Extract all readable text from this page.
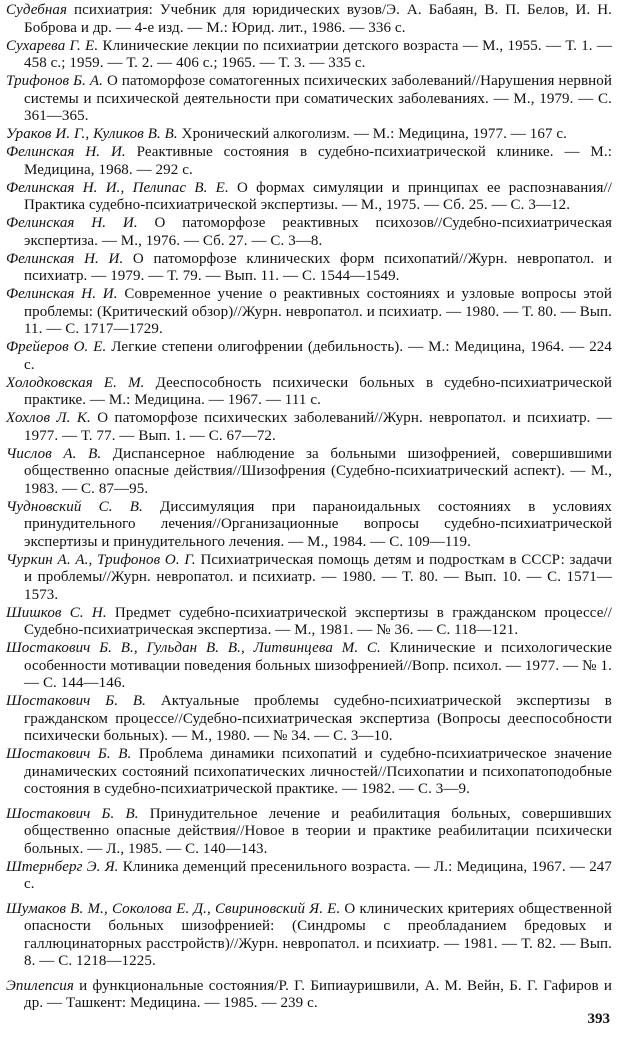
Судебная психиатрия: Учебник для юридических вузов/Э. А. Бабаян, В. П. Белов, И. Н. Боброва и др. — 4-е изд. — М.: Юрид. лит., 1986. — 336 с.
Сухарева Г. Е. Клинические лекции по психиатрии детского возраста — М., 1955. — Т. 1. — 458 с.; 1959. — Т. 2. — 406 с.; 1965. — Т. 3. — 335 с.
Трифонов Б. А. О патоморфозе соматогенных психических заболеваний//Нарушения нервной системы и психической деятельности при соматических заболеваниях. — М., 1979. — С. 361—365.
Ураков И. Г., Куликов В. В. Хронический алкоголизм. — М.: Медицина, 1977. — 167 с.
Фелинская Н. И. Реактивные состояния в судебно-психиатрической клинике. — М.: Медицина, 1968. — 292 с.
Фелинская Н. И., Пелипас В. Е. О формах симуляции и принципах ее распознавания//Практика судебно-психиатрической экспертизы. — М., 1975. — Сб. 25. — С. 3—12.
Фелинская Н. И. О патоморфозе реактивных психозов//Судебно-психиатрическая экспертиза. — М., 1976. — Сб. 27. — С. 3—8.
Фелинская Н. И. О патоморфозе клинических форм психопатий//Журн. невропатол. и психиатр. — 1979. — Т. 79. — Вып. 11. — С. 1544—1549.
Фелинская Н. И. Современное учение о реактивных состояниях и узловые вопросы этой проблемы: (Критический обзор)//Журн. невропатол. и психиатр. — 1980. — Т. 80. — Вып. 11. — С. 1717—1729.
Фрейеров О. Е. Легкие степени олигофрении (дебильность). — М.: Медицина, 1964. — 224 с.
Холодковская Е. М. Дееспособность психически больных в судебно-психиатрической практике. — М.: Медицина. — 1967. — 111 с.
Хохлов Л. К. О патоморфозе психических заболеваний//Журн. невропатол. и психиатр. — 1977. — Т. 77. — Вып. 1. — С. 67—72.
Числов А. В. Диспансерное наблюдение за больными шизофренией, совершившими общественно опасные действия//Шизофрения (Судебно-психиатрический аспект). — М., 1983. — С. 87—95.
Чудновский С. В. Диссимуляция при параноидальных состояниях в условиях принудительного лечения//Организационные вопросы судебно-психиатрической экспертизы и принудительного лечения. — М., 1984. — С. 109—119.
Чуркин А. А., Трифонов О. Г. Психиатрическая помощь детям и подросткам в СССР: задачи и проблемы//Журн. невропатол. и психиатр. — 1980. — Т. 80. — Вып. 10. — С. 1571—1573.
Шишков С. Н. Предмет судебно-психиатрической экспертизы в гражданском процессе//Судебно-психиатрическая экспертиза. — М., 1981. — № 36. — С. 118—121.
Шостакович Б. В., Гульдан В. В., Литвинцева М. С. Клинические и психологические особенности мотивации поведения больных шизофренией//Вопр. психол. — 1977. — № 1. — С. 144—146.
Шостакович Б. В. Актуальные проблемы судебно-психиатрической экспертизы в гражданском процессе//Судебно-психиатрическая экспертиза (Вопросы дееспособности психически больных). — М., 1980. — № 34. — С. 3—10.
Шостакович Б. В. Проблема динамики психопатий и судебно-психиатрическое значение динамических состояний психопатических личностей//Психопатии и психопатоподобные состояния в судебно-психиатрической практике. — 1982. — С. 3—9.
Шостакович Б. В. Принудительное лечение и реабилитация больных, совершивших общественно опасные действия//Новое в теории и практике реабилитации психически больных. — Л., 1985. — С. 140—143.
Штернберг Э. Я. Клиника деменций пресенильного возраста. — Л.: Медицина, 1967. — 247 с.
Шумаков В. М., Соколова Е. Д., Свириновский Я. Е. О клинических критериях общественной опасности больных шизофренией: (Синдромы с преобладанием бредовых и галлюцинаторных расстройств)//Журн. невропатол. и психиатр. — 1981. — Т. 82. — Вып. 8. — С. 1218—1225.
Эпилепсия и функциональные состояния/Р. Г. Бипиауришвили, А. М. Вейн, Б. Г. Гафиров и др. — Ташкент: Медицина. — 1985. — 239 с.
393
